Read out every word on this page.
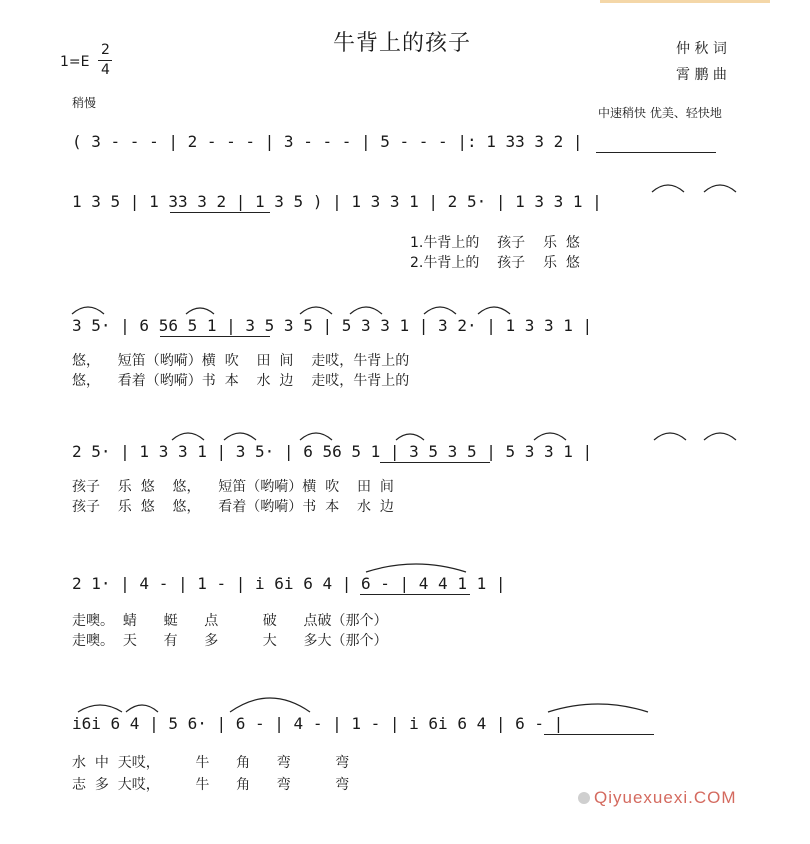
牛背上的孩子	仲 秋 词
霄 鹏 曲
1=E
2
4
稍慢
中速稍快 优美、轻快地
( 3 - - - | 2 - - - | 3 - - - | 5 - - - |: 1 33 3 2 |
1 3 5 | 1 33 3 2 | 1 3 5 ) | 1 3 3 1 | 2 5· | 1 3 3 1 |
1.牛背上的    孩子    乐  悠
2.牛背上的    孩子    乐  悠
3 5· | 6 56 5 1 | 3 5 3 5 | 5 3 3 1 | 3 2· | 1 3 3 1 |
悠，    短笛（哟嗬）横  吹    田  间    走哎，牛背上的
悠，    看着（哟嗬）书  本    水  边    走哎，牛背上的
2 5· | 1 3 3 1 | 3 5· | 6 56 5 1 | 3 5 3 5 | 5 3 3 1 |
孩子    乐  悠    悠，    短笛（哟嗬）横  吹    田  间
孩子    乐  悠    悠，    看着（哟嗬）书  本    水  边
2 1· | 4 - | 1 - | i 6i 6 4 | 6 - | 4 4 1 1 |
走噢。  蜻      蜓      点          破      点破（那个）
走噢。  天      有      多          大      多大（那个）
i6i 6 4 | 5 6· | 6 - | 4 - | 1 - | i 6i 6 4 | 6 - |
水  中  天哎，        牛      角      弯          弯
志  多  大哎，        牛      角      弯          弯
Qiyuexuexi.COM
